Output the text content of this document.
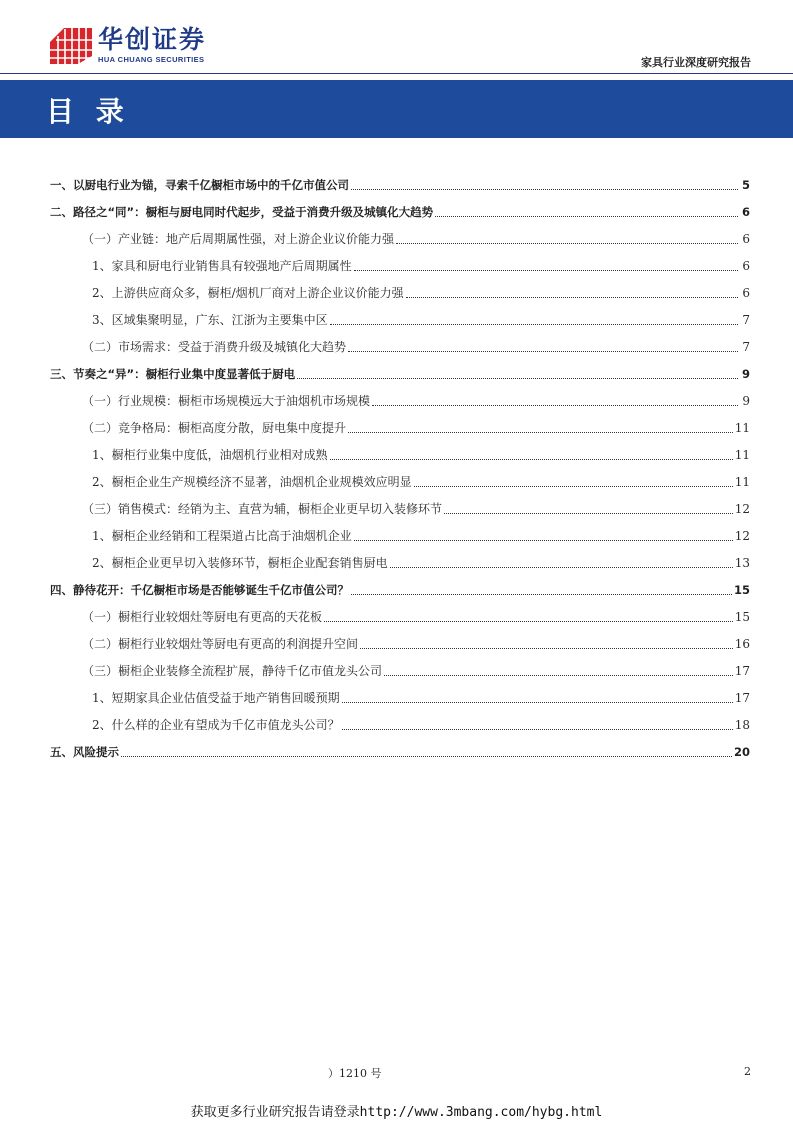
华创证券
HUA CHUANG SECURITIES	家具行业深度研究报告
目 录
一、以厨电行业为锚，寻索千亿橱柜市场中的千亿市值公司	5
二、路径之“同”：橱柜与厨电同时代起步，受益于消费升级及城镇化大趋势	6
（一）产业链：地产后周期属性强，对上游企业议价能力强	6
1、家具和厨电行业销售具有较强地产后周期属性	6
2、上游供应商众多，橱柜/烟机厂商对上游企业议价能力强	6
3、区域集聚明显，广东、江浙为主要集中区	7
（二）市场需求：受益于消费升级及城镇化大趋势	7
三、节奏之“异”：橱柜行业集中度显著低于厨电	9
（一）行业规模：橱柜市场规模远大于油烟机市场规模	9
（二）竞争格局：橱柜高度分散，厨电集中度提升	11
1、橱柜行业集中度低，油烟机行业相对成熟	11
2、橱柜企业生产规模经济不显著，油烟机企业规模效应明显	11
（三）销售模式：经销为主、直营为辅，橱柜企业更早切入装修环节	12
1、橱柜企业经销和工程渠道占比高于油烟机企业	12
2、橱柜企业更早切入装修环节，橱柜企业配套销售厨电	13
四、静待花开：千亿橱柜市场是否能够诞生千亿市值公司？	15
（一）橱柜行业较烟灶等厨电有更高的天花板	15
（二）橱柜行业较烟灶等厨电有更高的利润提升空间	16
（三）橱柜企业装修全流程扩展，静待千亿市值龙头公司	17
1、短期家具企业估值受益于地产销售回暖预期	17
2、什么样的企业有望成为千亿市值龙头公司？	18
五、风险提示	20
）1210 号	2
获取更多行业研究报告请登录http://www.3mbang.com/hybg.html
